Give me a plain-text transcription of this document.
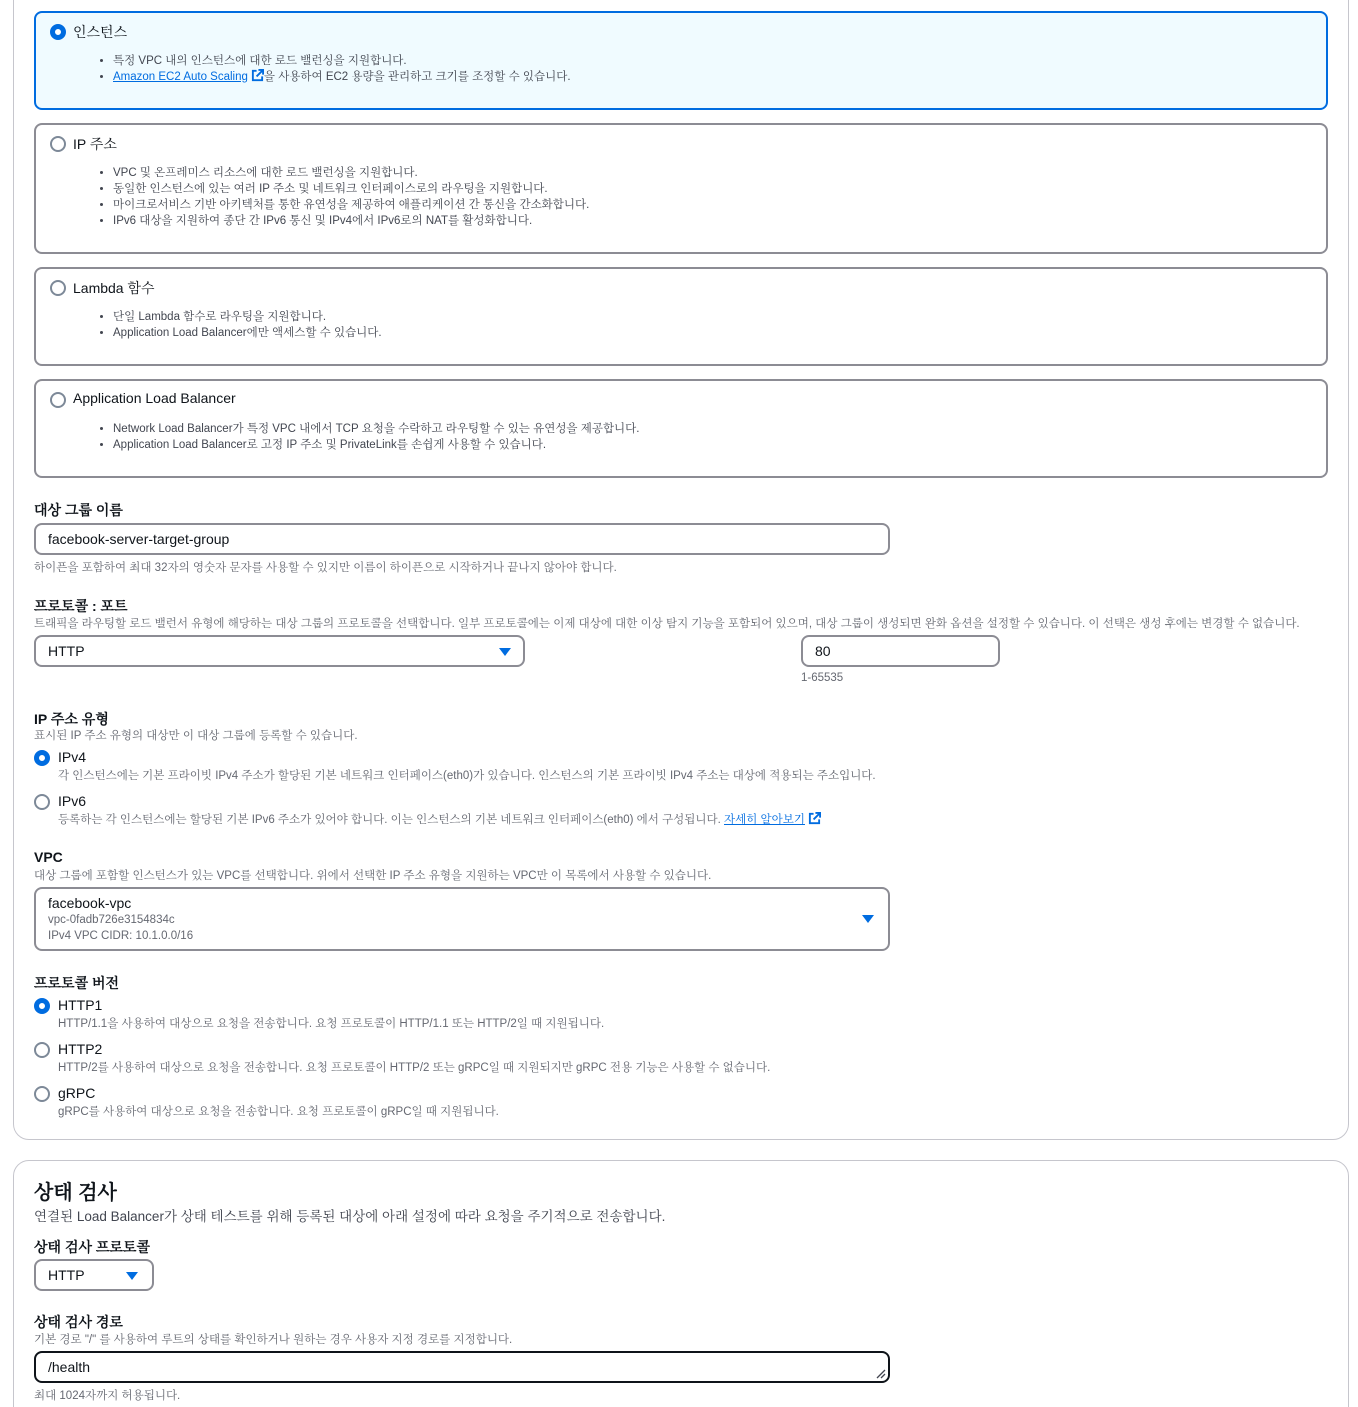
인스턴스
• 특정 VPC 내의 인스턴스에 대한 로드 밸런싱을 지원합니다.
• Amazon EC2 Auto Scaling 을 사용하여 EC2 용량을 관리하고 크기를 조정할 수 있습니다.
IP 주소
• VPC 및 온프레미스 리소스에 대한 로드 밸런싱을 지원합니다.
• 동일한 인스턴스에 있는 여러 IP 주소 및 네트워크 인터페이스로의 라우팅을 지원합니다.
• 마이크로서비스 기반 아키텍처를 통한 유연성을 제공하여 애플리케이션 간 통신을 간소화합니다.
• IPv6 대상을 지원하여 종단 간 IPv6 통신 및 IPv4에서 IPv6로의 NAT를 활성화합니다.
Lambda 함수
• 단일 Lambda 함수로 라우팅을 지원합니다.
• Application Load Balancer에만 액세스할 수 있습니다.
Application Load Balancer
• Network Load Balancer가 특정 VPC 내에서 TCP 요청을 수락하고 라우팅할 수 있는 유연성을 제공합니다.
• Application Load Balancer로 고정 IP 주소 및 PrivateLink를 손쉽게 사용할 수 있습니다.
대상 그룹 이름
facebook-server-target-group
하이픈을 포함하여 최대 32자의 영숫자 문자를 사용할 수 있지만 이름이 하이픈으로 시작하거나 끝나지 않아야 합니다.
프로토콜 : 포트
트래픽을 라우팅할 로드 밸런서 유형에 해당하는 대상 그룹의 프로토콜을 선택합니다. 일부 프로토콜에는 이제 대상에 대한 이상 탐지 기능을 포함되어 있으며, 대상 그룹이 생성되면 완화 옵션을 설정할 수 있습니다. 이 선택은 생성 후에는 변경할 수 없습니다.
HTTP	80
1-65535
IP 주소 유형
표시된 IP 주소 유형의 대상만 이 대상 그룹에 등록할 수 있습니다.
IPv4
각 인스턴스에는 기본 프라이빗 IPv4 주소가 할당된 기본 네트워크 인터페이스(eth0)가 있습니다. 인스턴스의 기본 프라이빗 IPv4 주소는 대상에 적용되는 주소입니다.
IPv6
등록하는 각 인스턴스에는 할당된 기본 IPv6 주소가 있어야 합니다. 이는 인스턴스의 기본 네트워크 인터페이스(eth0) 에서 구성됩니다. 자세히 알아보기
VPC
대상 그룹에 포함할 인스턴스가 있는 VPC를 선택합니다. 위에서 선택한 IP 주소 유형을 지원하는 VPC만 이 목록에서 사용할 수 있습니다.
facebook-vpc
vpc-0fadb726e3154834c
IPv4 VPC CIDR: 10.1.0.0/16
프로토콜 버전
HTTP1
HTTP/1.1을 사용하여 대상으로 요청을 전송합니다. 요청 프로토콜이 HTTP/1.1 또는 HTTP/2일 때 지원됩니다.
HTTP2
HTTP/2를 사용하여 대상으로 요청을 전송합니다. 요청 프로토콜이 HTTP/2 또는 gRPC일 때 지원되지만 gRPC 전용 기능은 사용할 수 없습니다.
gRPC
gRPC를 사용하여 대상으로 요청을 전송합니다. 요청 프로토콜이 gRPC일 때 지원됩니다.
상태 검사
연결된 Load Balancer가 상태 테스트를 위해 등록된 대상에 아래 설정에 따라 요청을 주기적으로 전송합니다.
상태 검사 프로토콜
HTTP
상태 검사 경로
기본 경로 "/" 를 사용하여 루트의 상태를 확인하거나 원하는 경우 사용자 지정 경로를 지정합니다.
/health
최대 1024자까지 허용됩니다.
